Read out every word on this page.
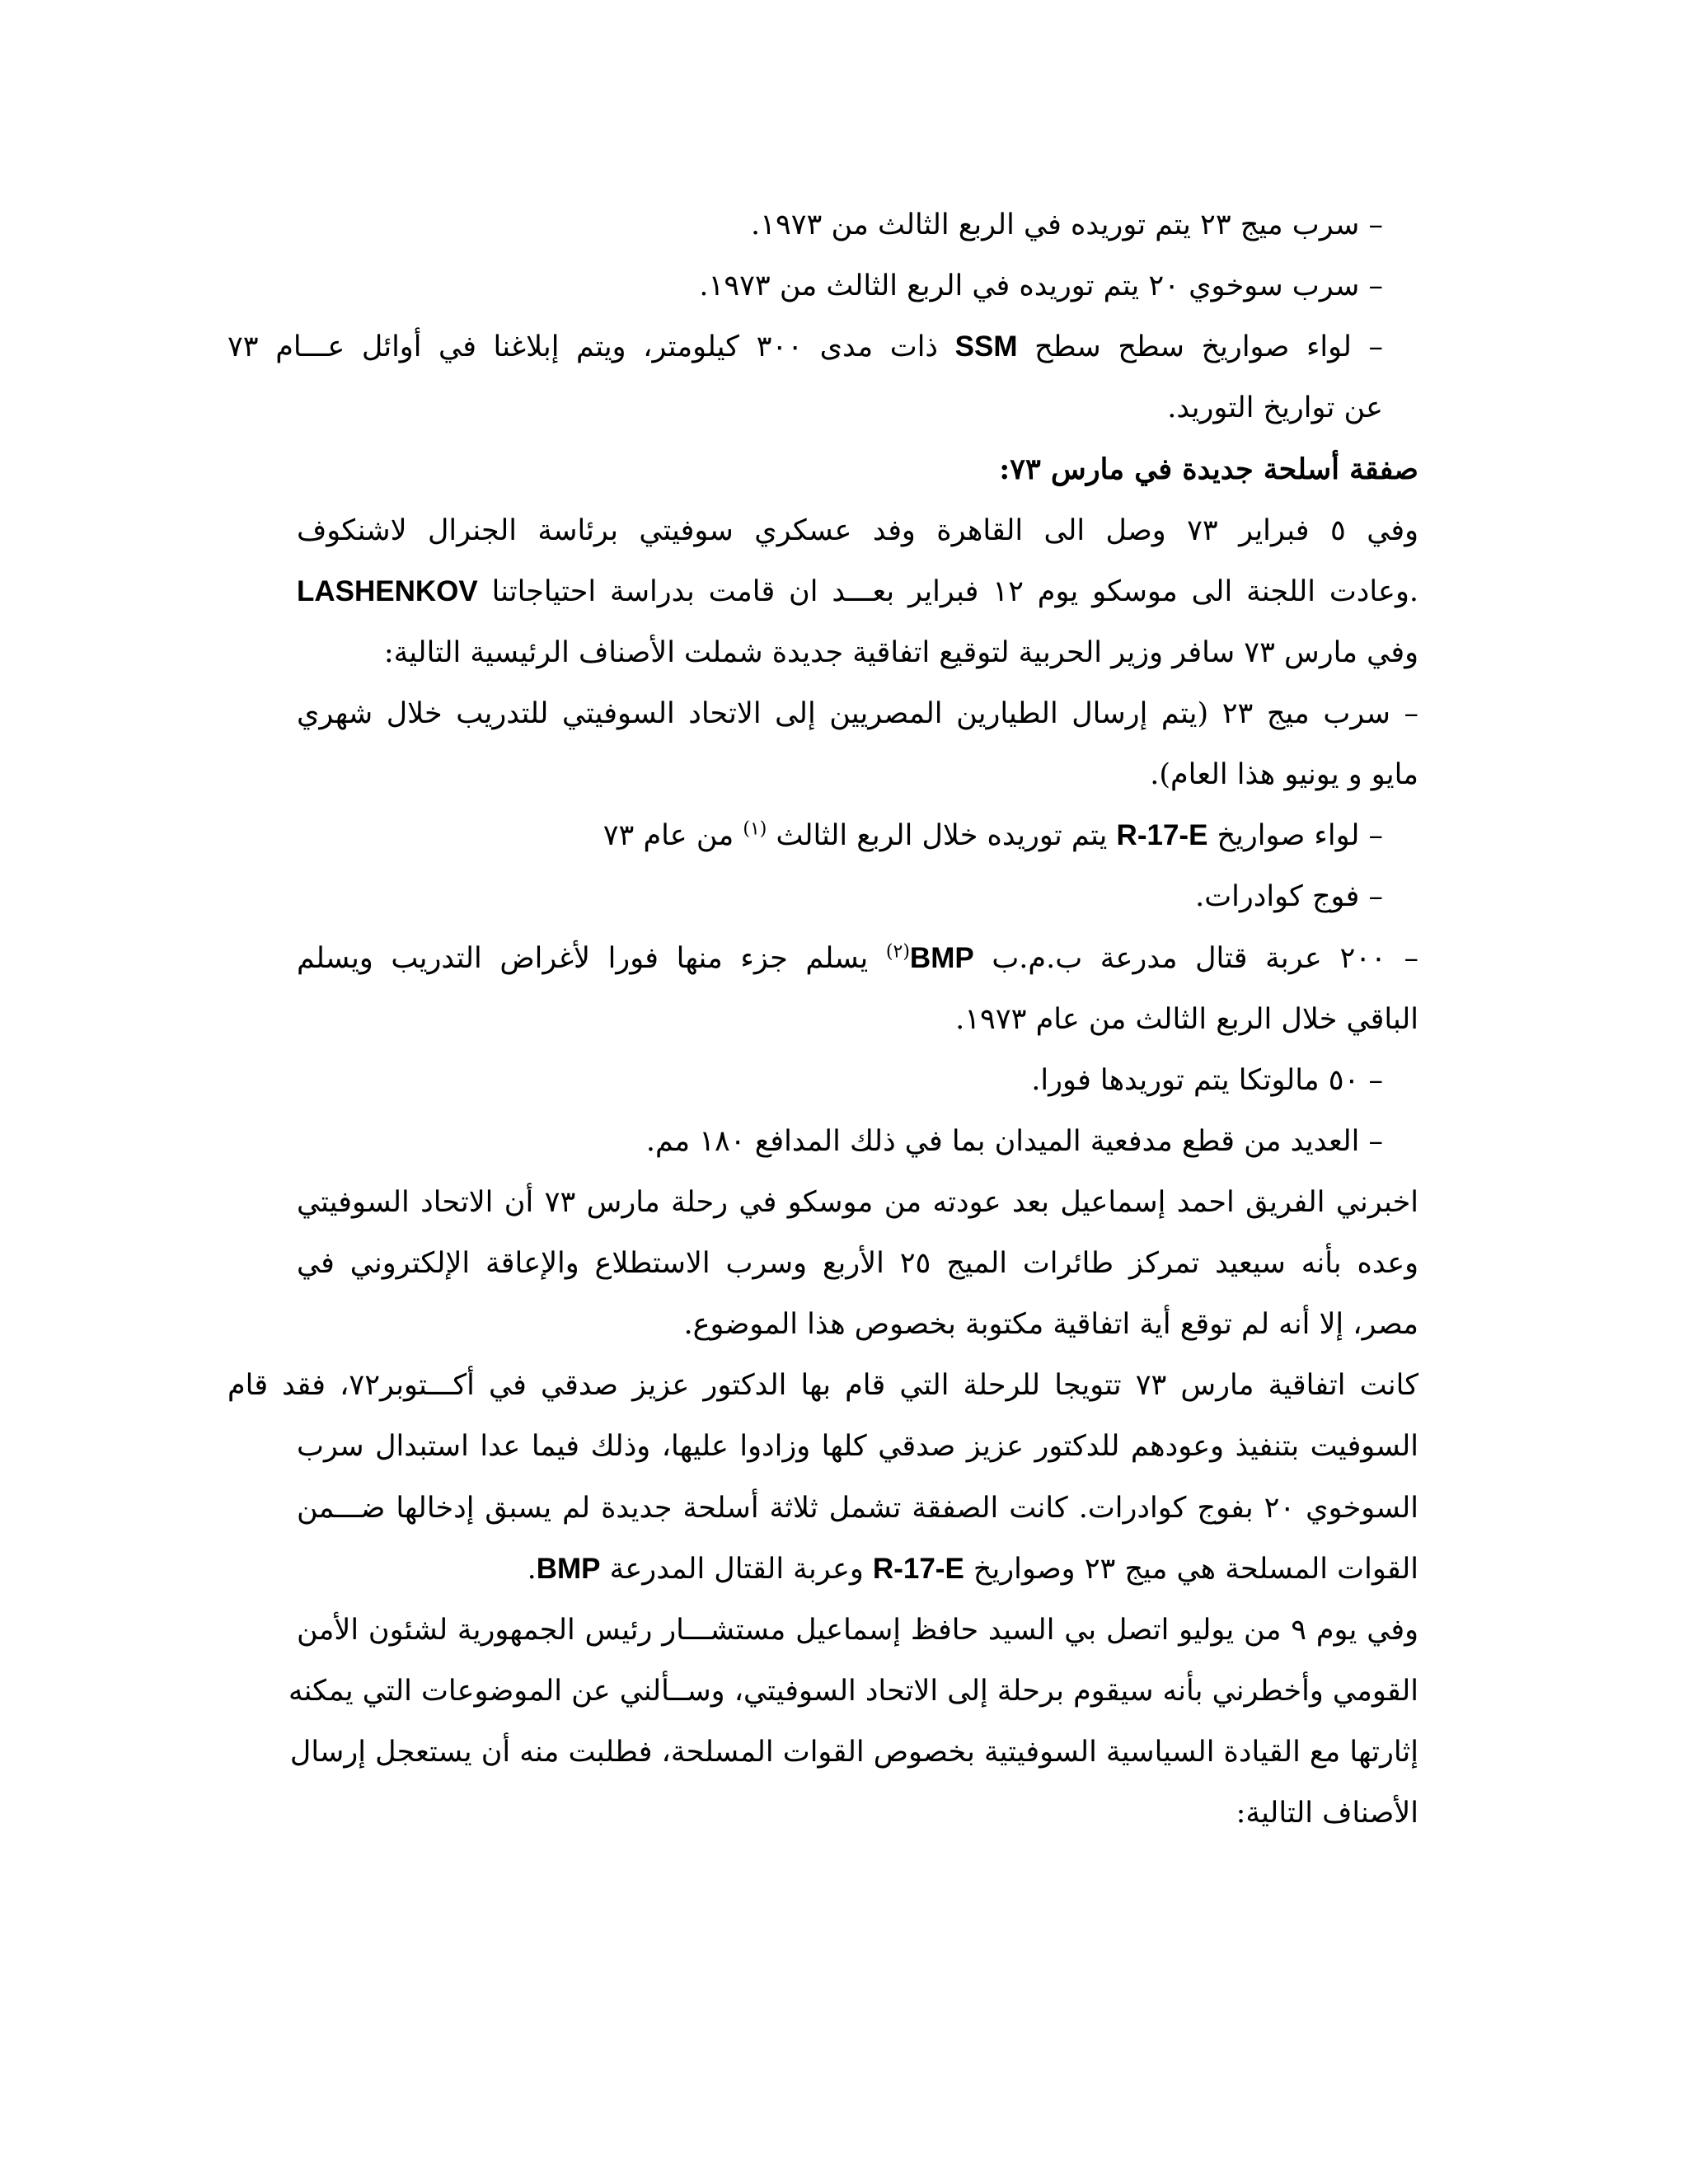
– سرب ميج ٢٣ يتم توريده في الربع الثالث من ١٩٧٣.
– سرب سوخوي ٢٠ يتم توريده في الربع الثالث من ١٩٧٣.
– لواء صواريخ سطح سطح SSM ذات مدى ٣٠٠ كيلومتر، ويتم إبلاغنا في أوائل عـــام ٧٣
عن تواريخ التوريد.
صفقة أسلحة جديدة في مارس ٧٣:
وفي ٥ فبراير ٧٣ وصل الى القاهرة وفد عسكري سوفيتي برئاسة الجنرال لاشنكوف
LASHENKOV وعادت اللجنة الى موسكو يوم ١٢ فبراير بعـــد ان قامت بدراسة احتياجاتنا.
وفي مارس ٧٣ سافر وزير الحربية لتوقيع اتفاقية جديدة شملت الأصناف الرئيسية التالية:
– سرب ميج ٢٣ (يتم إرسال الطيارين المصريين إلى الاتحاد السوفيتي للتدريب خلال شهري
مايو و يونيو هذا العام).
– لواء صواريخ R-17-E يتم توريده خلال الربع الثالث $^{(١)}$ من عام ٧٣
– فوج كوادرات.
– ٢٠٠ عربة قتال مدرعة ب.م.ب BMP$^{(٢)}$ يسلم جزء منها فورا لأغراض التدريب ويسلم
الباقي خلال الربع الثالث من عام ١٩٧٣.
– ٥٠ مالوتكا يتم توريدها فورا.
– العديد من قطع مدفعية الميدان بما في ذلك المدافع ١٨٠ مم.
اخبرني الفريق احمد إسماعيل بعد عودته من موسكو في رحلة مارس ٧٣ أن الاتحاد السوفيتي
وعده بأنه سيعيد تمركز طائرات الميج ٢٥ الأربع وسرب الاستطلاع والإعاقة الإلكتروني في
مصر، إلا أنه لم توقع أية اتفاقية مكتوبة بخصوص هذا الموضوع.
كانت اتفاقية مارس ٧٣ تتويجا للرحلة التي قام بها الدكتور عزيز صدقي في أكـــتوبر٧٢، فقد قام
السوفيت بتنفيذ وعودهم للدكتور عزيز صدقي كلها وزادوا عليها، وذلك فيما عدا استبدال سرب
السوخوي ٢٠ بفوج كوادرات. كانت الصفقة تشمل ثلاثة أسلحة جديدة لم يسبق إدخالها ضـــمن
القوات المسلحة هي ميج ٢٣ وصواريخ R-17-E وعربة القتال المدرعة BMP.
وفي يوم ٩ من يوليو اتصل بي السيد حافظ إسماعيل مستشـــار رئيس الجمهورية لشئون الأمن
القومي وأخطرني بأنه سيقوم برحلة إلى الاتحاد السوفيتي، وســألني عن الموضوعات التي يمكنه
إثارتها مع القيادة السياسية السوفيتية بخصوص القوات المسلحة، فطلبت منه أن يستعجل إرسال
الأصناف التالية:
